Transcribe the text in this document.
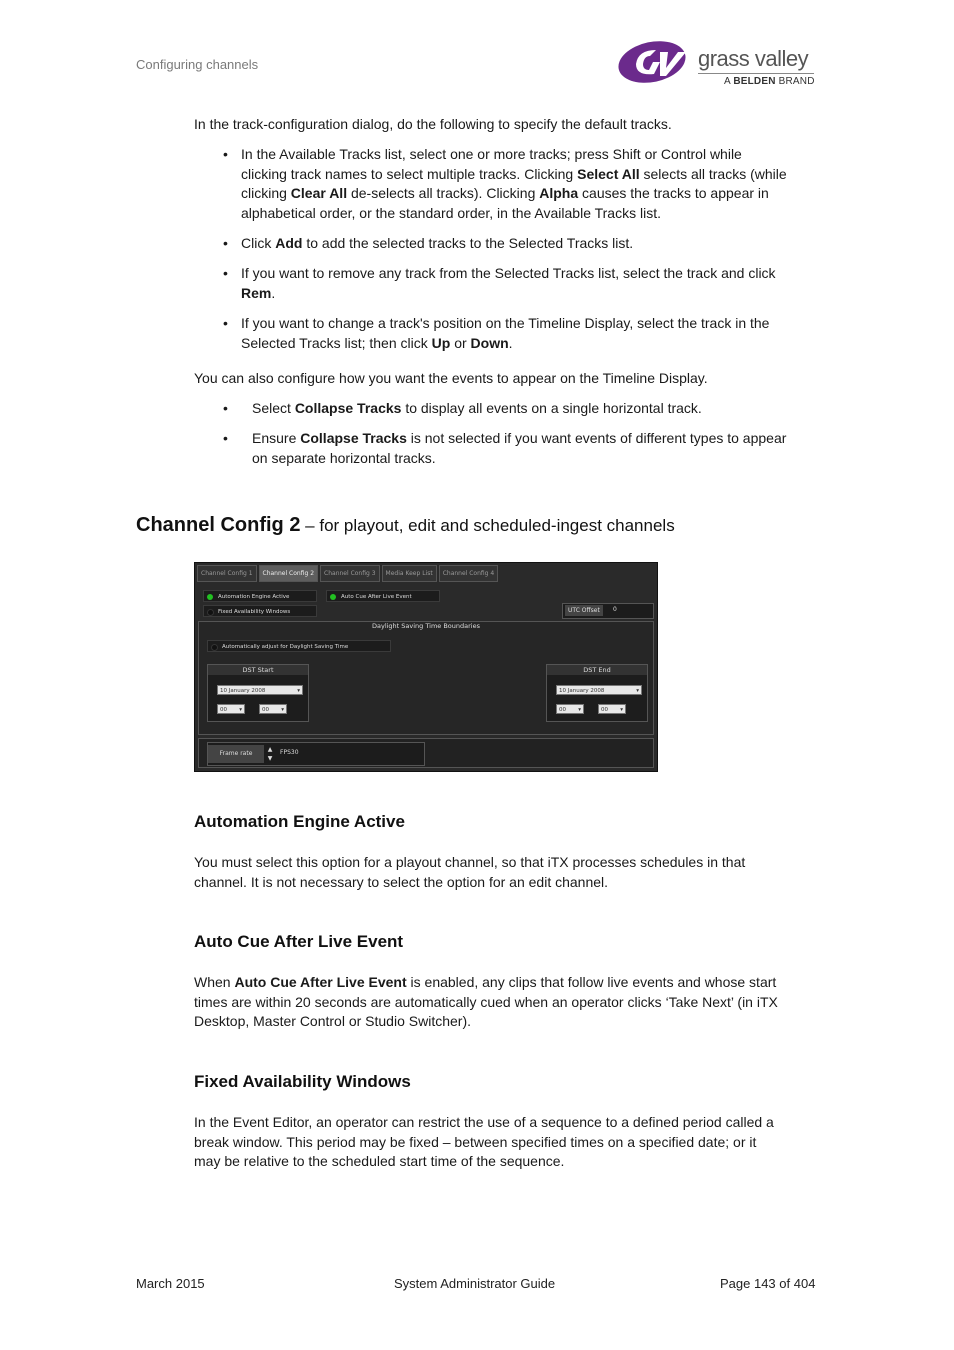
Configuring channels	grass valley
A BELDEN BRAND
In the track-configuration dialog, do the following to specify the default tracks.
• In the Available Tracks list, select one or more tracks; press Shift or Control while
clicking track names to select multiple tracks. Clicking Select All selects all tracks (while
clicking Clear All de-selects all tracks). Clicking Alpha causes the tracks to appear in
alphabetical order, or the standard order, in the Available Tracks list.
• Click Add to add the selected tracks to the Selected Tracks list.
• If you want to remove any track from the Selected Tracks list, select the track and click
Rem.
• If you want to change a track's position on the Timeline Display, select the track in the
Selected Tracks list; then click Up or Down.
You can also configure how you want the events to appear on the Timeline Display.
• Select Collapse Tracks to display all events on a single horizontal track.
• Ensure Collapse Tracks is not selected if you want events of different types to appear
on separate horizontal tracks.
Channel Config 2 – for playout, edit and scheduled-ingest channels
Channel Config 1	Channel Config 2	Channel Config 3	Media Keep List	Channel Config 4
Automation Engine Active
Fixed Availability Windows
Auto Cue After Live Event
UTC Offset	0
Daylight Saving Time Boundaries
Automatically adjust for Daylight Saving Time
DST Start
10 January 2008	▾
00 ▾	00 ▾
DST End
10 January 2008	▾
00 ▾	00 ▾
Frame rate
▲
▼
FPS30
Automation Engine Active
You must select this option for a playout channel, so that iTX processes schedules in that
channel. It is not necessary to select the option for an edit channel.
Auto Cue After Live Event
When Auto Cue After Live Event is enabled, any clips that follow live events and whose start
times are within 20 seconds are automatically cued when an operator clicks ‘Take Next’ (in iTX
Desktop, Master Control or Studio Switcher).
Fixed Availability Windows
In the Event Editor, an operator can restrict the use of a sequence to a defined period called a
break window. This period may be fixed – between specified times on a specified date; or it
may be relative to the scheduled start time of the sequence.
March 2015	System Administrator Guide	Page 143 of 404
